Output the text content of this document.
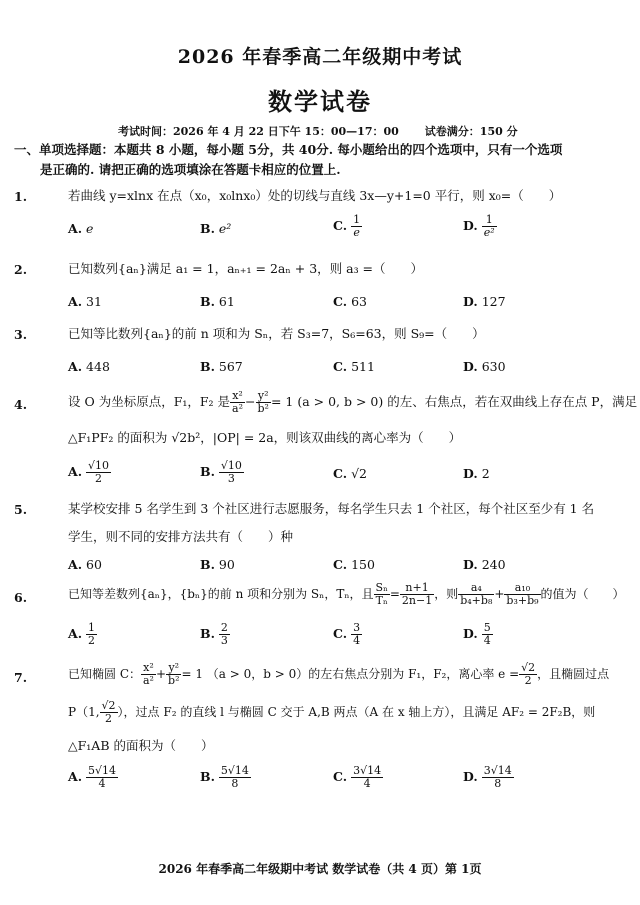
2026 年春季高二年级期中考试
数学试卷
考试时间：2026 年 4 月 22 日下午 15：00—17：00 试卷满分：150 分
一、单项选择题：本题共 8 小题，每小题 5分，共 40分. 每小题给出的四个选项中，只有一个选项
是正确的. 请把正确的选项填涂在答题卡相应的位置上.
1.	若曲线 y=xlnx 在点（x₀，x₀lnx₀）处的切线与直线 3x—y+1=0 平行，则 x₀=（　　）
A. e	B. e²	C. $\frac{1}{e}$	D. $\frac{1}{\text{e²}}$
2.	已知数列{aₙ}满足 a₁ = 1，aₙ₊₁ = 2aₙ + 3，则 a₃ =（　　）
A. 31	B. 61	C. 63	D. 127
3.	已知等比数列{aₙ}的前 n 项和为 Sₙ，若 S₃=7，S₆=63，则 S₉=（　　）
A. 448	B. 567	C. 511	D. 630
4.	设 O 为坐标原点，F₁，F₂ 是 $\frac{\text{x²}}{\text{a²}} - \frac{\text{y²}}{\text{b²}} = 1$ (a > 0, b > 0) 的左、右焦点，若在双曲线上存在点 P，满足
△F₁PF₂ 的面积为 √2b²，|OP| = 2a，则该双曲线的离心率为（　　）
A. $\frac{√10}{2}$	B. $\frac{√10}{3}$	C. √2	D. 2
5.	某学校安排 5 名学生到 3 个社区进行志愿服务，每名学生只去 1 个社区，每个社区至少有 1 名
学生，则不同的安排方法共有（　　）种
A. 60	B. 90	C. 150	D. 240
6.	已知等差数列{aₙ}，{bₙ}的前 n 项和分别为 Sₙ，Tₙ，且 $\frac{\text{Sₙ}}{\text{Tₙ}} = \frac{n+1}{2n-1}$ ，则 $\frac{\text{a₄}}{\text{b₄+b₈}} + \frac{\text{a₁₀}}{\text{b₃+b₉}}$ 的值为（　　）
A. $\frac{1}{2}$	B. $\frac{2}{3}$	C. $\frac{3}{4}$	D. $\frac{5}{4}$
7.	已知椭圆 C： $\frac{\text{x²}}{\text{a²}} + \frac{\text{y²}}{\text{b²}} = 1$ （a > 0，b > 0）的左右焦点分别为 F₁，F₂，离心率 $e = \frac{√2}{2}$ ，且椭圆过点
P（1, $\frac{√2}{2}$ ），过点 F₂ 的直线 l 与椭圆 C 交于 A,B 两点（A 在 x 轴上方），且满足 AF₂ = 2F₂B，则
△F₁AB 的面积为（　　）
A. $\frac{5√14}{4}$	B. $\frac{5√14}{8}$	C. $\frac{3√14}{4}$	D. $\frac{3√14}{8}$
2026 年春季高二年级期中考试 数学试卷（共 4 页）第 1页
